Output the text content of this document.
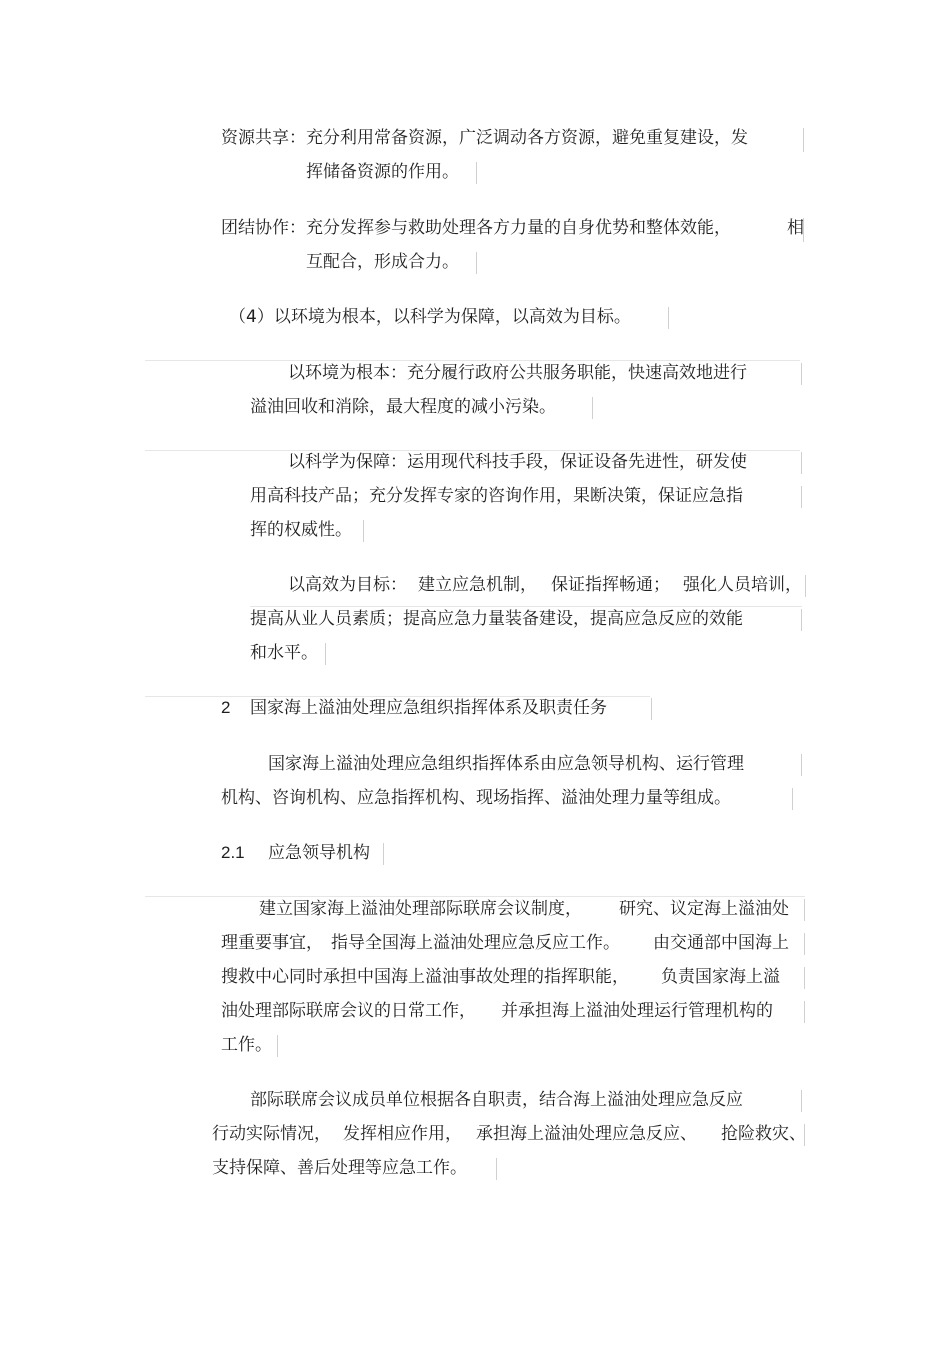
资源共享：充分利用常备资源，广泛调动各方资源，避免重复建设，发

挥储备资源的作用。

团结协作：充分发挥参与救助处理各方力量的自身优势和整体效能，	相

互配合，形成合力。

（4）以环境为根本，以科学为保障，以高效为目标。

以环境为根本：充分履行政府公共服务职能，快速高效地进行

溢油回收和消除，最大程度的减小污染。

以科学为保障：运用现代科技手段，保证设备先进性，研发使

用高科技产品；充分发挥专家的咨询作用，果断决策，保证应急指

挥的权威性。

以高效为目标： 建立应急机制， 保证指挥畅通； 强化人员培训，

提高从业人员素质；提高应急力量装备建设，提高应急反应的效能

和水平。

2 国家海上溢油处理应急组织指挥体系及职责任务

国家海上溢油处理应急组织指挥体系由应急领导机构、运行管理

机构、咨询机构、应急指挥机构、现场指挥、溢油处理力量等组成。

2.1 应急领导机构

建立国家海上溢油处理部际联席会议制度， 研究、议定海上溢油处

理重要事宜， 指导全国海上溢油处理应急反应工作。 由交通部中国海上

搜救中心同时承担中国海上溢油事故处理的指挥职能， 负责国家海上溢

油处理部际联席会议的日常工作， 并承担海上溢油处理运行管理机构的

工作。

部际联席会议成员单位根据各自职责，结合海上溢油处理应急反应

行动实际情况， 发挥相应作用， 承担海上溢油处理应急反应、 抢险救灾、

支持保障、善后处理等应急工作。
